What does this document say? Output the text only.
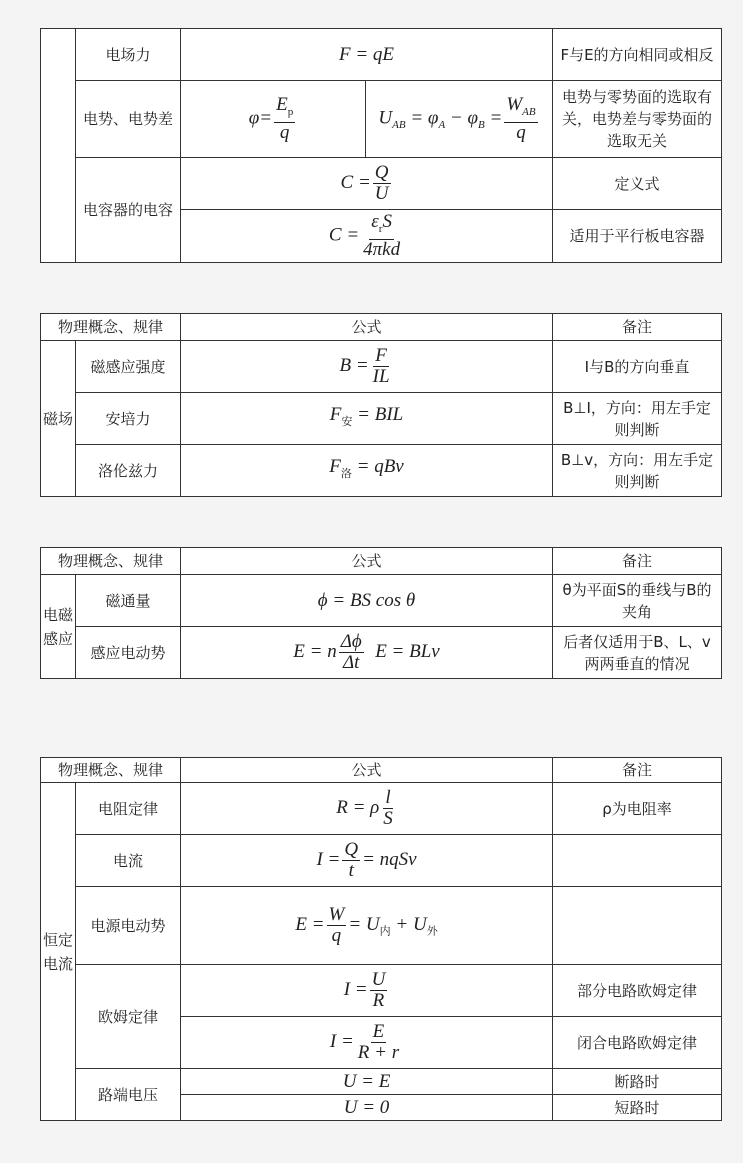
	电场力	F = qE		F与E的方向相同或相反
	电势、电势差	$\varphi= \frac{E_p}{q}$	$U_{AB} = \varphi_A - \varphi_B = \frac{W_{AB}}{q}$	电势与零势面的选取有关，电势差与零势面的选取无关
	电容器的电容	$C = \frac{Q}{U}$		定义式
		$C = \frac{\varepsilon_rS}{\text{4πkd}}$		适用于平行板电容器
物理概念、规律		公式	备注
磁场	磁感应强度	$B = \frac{F}{IL}$	I与B的方向垂直
	安培力	$F_安$ = BIL	B⊥I，方向：用左手定则判断
	洛伦兹力	$F_洛$ = qBv	B⊥v，方向：用左手定则判断
物理概念、规律		公式	备注
电磁感应	磁通量	ϕ = BS cos θ	θ为平面S的垂线与B的夹角
	感应电动势	E = n $\frac{\Delta\phi}{\Delta t}$ E = BLv	后者仅适用于B、L、v两两垂直的情况
物理概念、规律		公式	备注
恒定电流	电阻定律	R = ρ $\frac{l}{S}$	ρ为电阻率
	电流	$I = \frac{Q}{t}$ = nqSv	
	电源电动势	$E = \frac{W}{q} = U_内 + U_外$	
	欧姆定律	$I = \frac{U}{R}$	部分电路欧姆定律
		$I = \frac{E}{R + r}$	闭合电路欧姆定律
	路端电压	U = E	断路时
		U = 0	短路时
